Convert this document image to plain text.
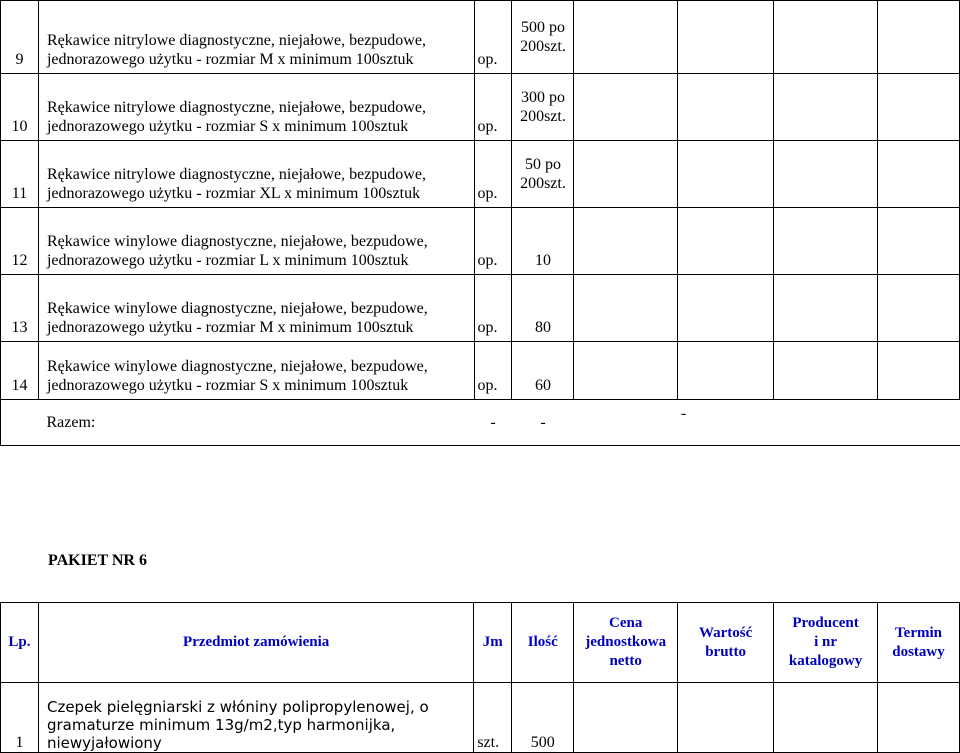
9	Rękawice nitrylowe diagnostyczne, niejałowe, bezpudowe,
jednorazowego użytku - rozmiar M x minimum 100sztuk	op.	500 po
200szt.				
10	Rękawice nitrylowe diagnostyczne, niejałowe, bezpudowe,
jednorazowego użytku - rozmiar S x minimum 100sztuk	op.	300 po
200szt.				
11	Rękawice nitrylowe diagnostyczne, niejałowe, bezpudowe,
jednorazowego użytku - rozmiar XL x minimum 100sztuk	op.	50 po
200szt.				
12	Rękawice winylowe diagnostyczne, niejałowe, bezpudowe,
jednorazowego użytku - rozmiar L x minimum 100sztuk	op.	10				
13	Rękawice winylowe diagnostyczne, niejałowe, bezpudowe,
jednorazowego użytku - rozmiar M x minimum 100sztuk	op.	80				
14	Rękawice winylowe diagnostyczne, niejałowe, bezpudowe,
jednorazowego użytku - rozmiar S x minimum 100sztuk	op.	60				
	Razem:	-	-		-		
PAKIET NR 6
Lp.	Przedmiot zamówienia	Jm	Ilość	Cena
jednostkowa
netto	Wartość
brutto	Producent
i nr
katalogowy	Termin
dostawy
1	Czepek pielęgniarski z włóniny polipropylenowej, o
gramaturze minimum 13g/m2,typ harmonijka,
niewyjałowiony	szt.	500				
